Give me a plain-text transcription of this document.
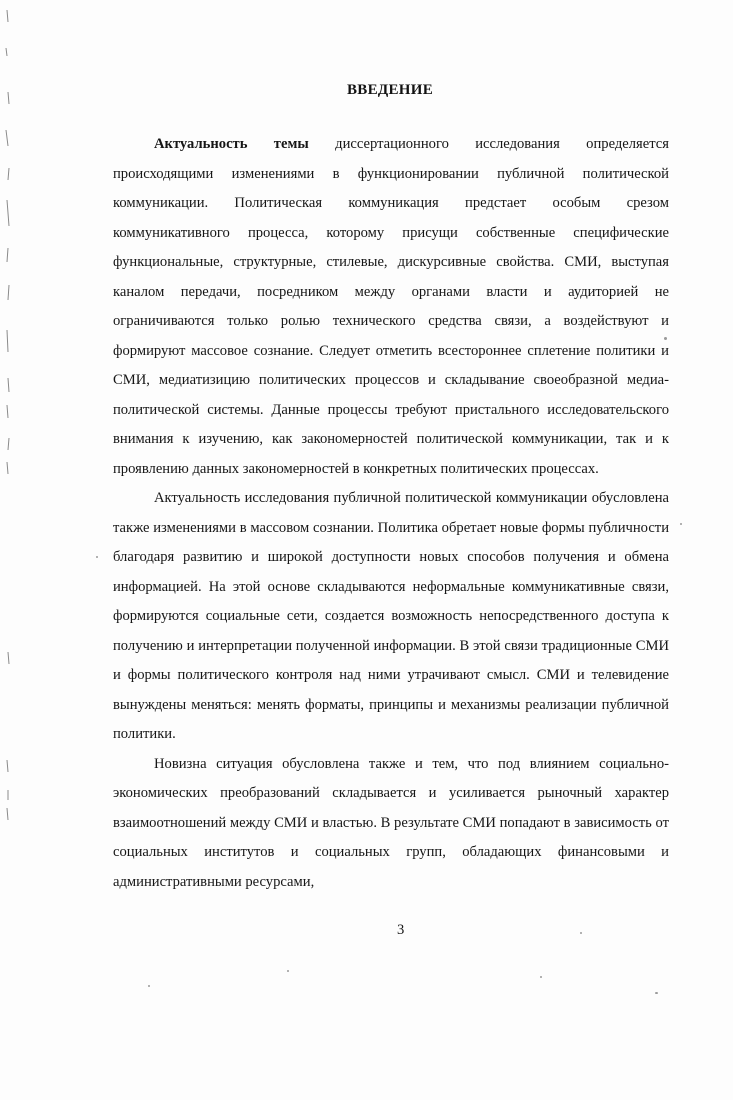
ВВЕДЕНИЕ

Актуальность темы диссертационного исследования определяется происходящими изменениями в функционировании публичной политической коммуникации. Политическая коммуникация предстает особым срезом коммуникативного процесса, которому присущи собственные специфические функциональные, структурные, стилевые, дискурсивные свойства. СМИ, выступая каналом передачи, посредником между органами власти и аудиторией не ограничиваются только ролью технического средства связи, а воздействуют и формируют массовое сознание. Следует отметить всестороннее сплетение политики и СМИ, медиатизицию политических процессов и складывание своеобразной медиа-политической системы. Данные процессы требуют пристального исследовательского внимания к изучению, как закономерностей политической коммуникации, так и к проявлению данных закономерностей в конкретных политических процессах.

Актуальность исследования публичной политической коммуникации обусловлена также изменениями в массовом сознании. Политика обретает новые формы публичности благодаря развитию и широкой доступности новых способов получения и обмена информацией. На этой основе складываются неформальные коммуникативные связи, формируются социальные сети, создается возможность непосредственного доступа к получению и интерпретации полученной информации. В этой связи традиционные СМИ и формы политического контроля над ними утрачивают смысл. СМИ и телевидение вынуждены меняться: менять форматы, принципы и механизмы реализации публичной политики.

Новизна ситуация обусловлена также и тем, что под влиянием социально-экономических преобразований складывается и усиливается рыночный характер взаимоотношений между СМИ и властью. В результате СМИ попадают в зависимость от социальных институтов и социальных групп, обладающих финансовыми и административными ресурсами,

3
